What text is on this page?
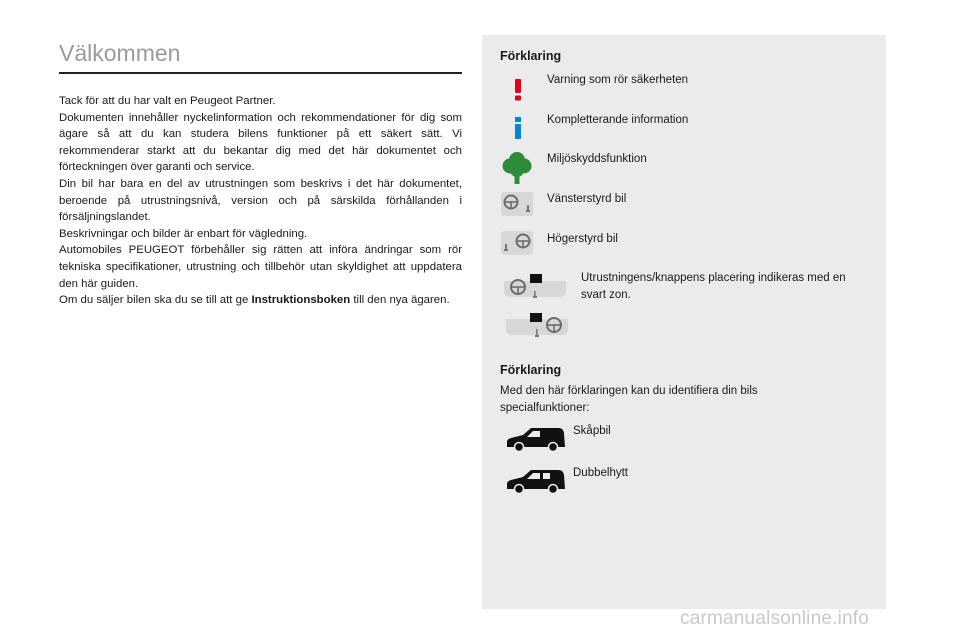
Välkommen

Tack för att du har valt en Peugeot Partner.

Dokumenten innehåller nyckelinformation och rekommendationer för dig som ägare så att du kan studera bilens funktioner på ett säkert sätt. Vi rekommenderar starkt att du bekantar dig med det här dokumentet och förteckningen över garanti och service.

Din bil har bara en del av utrustningen som beskrivs i det här dokumentet, beroende på utrustningsnivå, version och på särskilda förhållanden i försäljningslandet.

Beskrivningar och bilder är enbart för vägledning.

Automobiles PEUGEOT förbehåller sig rätten att införa ändringar som rör tekniska specifikationer, utrustning och tillbehör utan skyldighet att uppdatera den här guiden.

Om du säljer bilen ska du se till att ge Instruktionsboken till den nya ägaren.

Förklaring
Varning som rör säkerheten
Kompletterande information
Miljöskyddsfunktion
Vänsterstyrd bil
Högerstyrd bil
Utrustningens/knappens placering indikeras med en svart zon.
Förklaring
Med den här förklaringen kan du identifiera din bils specialfunktioner:
Skåpbil
Dubbelhytt
carmanualsonline.info
